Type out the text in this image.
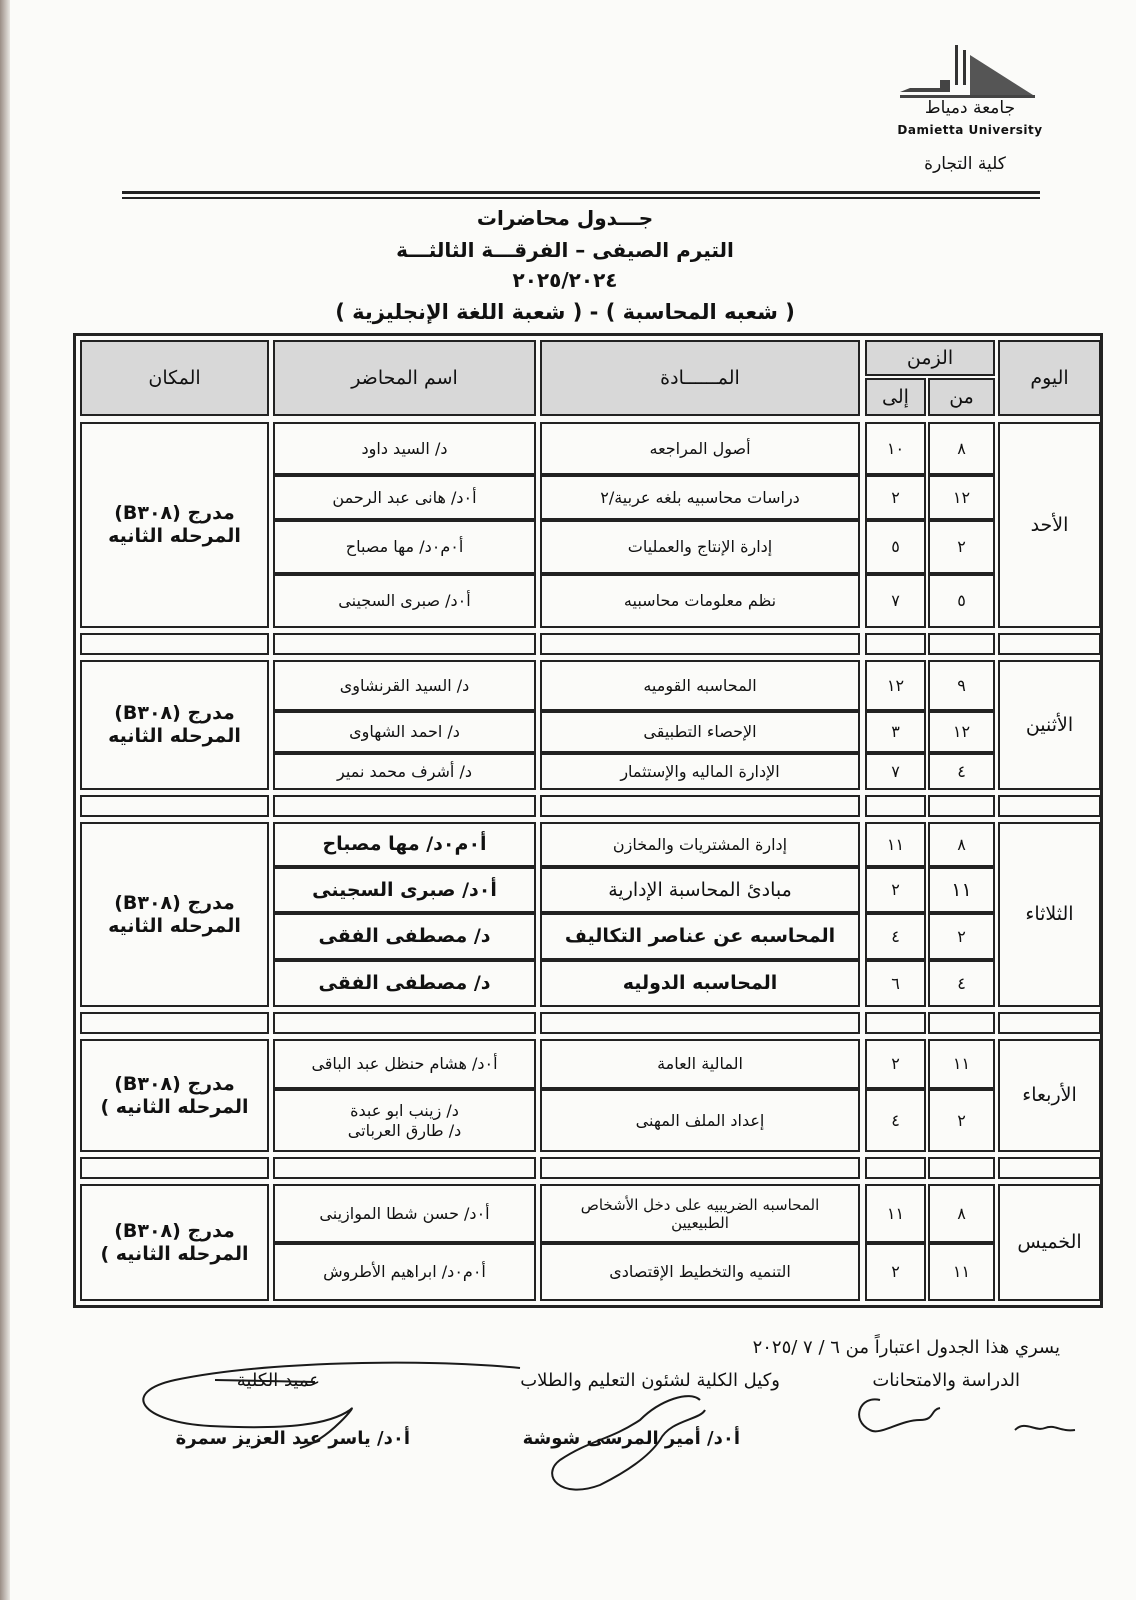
جامعة دمياط
Damietta University
كلية التجارة
جـــدول محاضرات
التيرم الصيفى – الفرقـــة الثالثـــة
٢٠٢٥/٢٠٢٤
( شعبه المحاسبة ) - ( شعبة اللغة الإنجليزية )
اليوم
الزمن
من
إلى
المــــــادة
اسم المحاضر
المكان
الأحد
مدرج (B٣٠٨)
المرحله الثانيه
٨
١٠
أصول المراجعه
د/ السيد داود
١٢
٢
دراسات محاسبيه بلغه عربية/٢
أ٠د/ هانى عبد الرحمن
٢
٥
إدارة الإنتاج والعمليات
أ٠م٠د/ مها مصباح
٥
٧
نظم معلومات محاسبيه
أ٠د/ صبرى السجينى
الأثنين
مدرج (B٣٠٨)
المرحله الثانيه
٩
١٢
المحاسبه القوميه
د/ السيد القرنشاوى
١٢
٣
الإحصاء التطبيقى
د/ احمد الشهاوى
٤
٧
الإدارة الماليه والإستثمار
د/ أشرف محمد نمير
الثلاثاء
مدرج (B٣٠٨)
المرحله الثانيه
٨
١١
إدارة المشتريات والمخازن
أ٠م٠د/ مها مصباح
١١
٢
مبادئ المحاسبة الإدارية
أ٠د/ صبرى السجينى
٢
٤
المحاسبه عن عناصر التكاليف
د/ مصطفى الفقى
٤
٦
المحاسبه الدوليه
د/ مصطفى الفقى
الأربعاء
مدرج (B٣٠٨)
المرحله الثانيه )
١١
٢
المالية العامة
أ٠د/ هشام حنظل عبد الباقى
٢
٤
إعداد الملف المهنى
د/ زينب ابو عبدة
د/ طارق العرباتى
الخميس
مدرج (B٣٠٨)
المرحله الثانيه )
٨
١١
المحاسبه الضريبيه على دخل الأشخاص
الطبيعيين
أ٠د/ حسن شطا الموازينى
١١
٢
التنميه والتخطيط الإقتصادى
أ٠م٠د/ ابراهيم الأطروش
يسري هذا الجدول اعتباراً من ٦ / ٧ /٢٠٢٥
الدراسة والامتحانات
وكيل الكلية لشئون التعليم والطلاب
عميد الكلية
أ٠د/ أمير المرسى شوشة
أ٠د/ ياسر عبد العزيز سمرة
